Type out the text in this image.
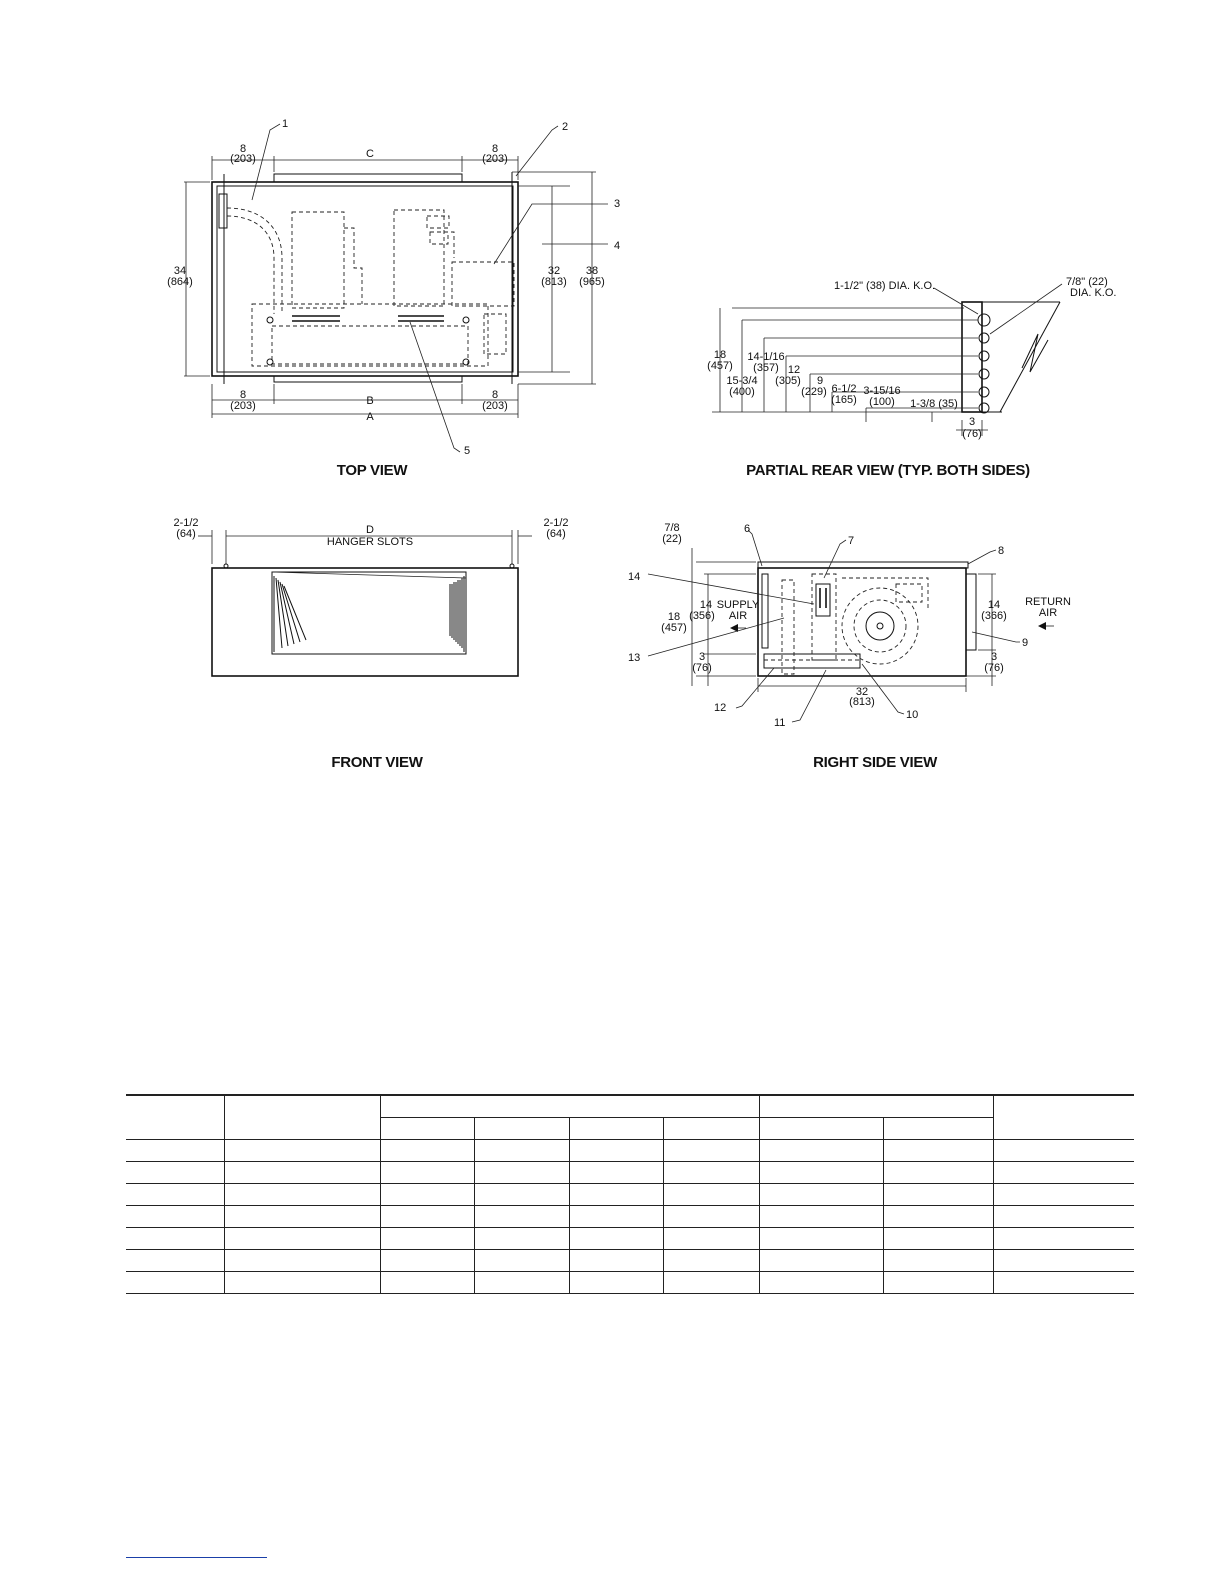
8
(203)	C	8
(203)
34
(864)
32
(813)
38
(965)
8
(203)	B	8
(203)
A
1	2
3
4
5
TOP VIEW
18
(457)
15-3/4
(400)
14-1/16
(357) 12
(305) 9
(229) 6-1/2
(165)
3-15/16
(100) 1-3/8 (35)
3
(76)
1-1/2" (38) DIA. K.O.	7/8" (22)
DIA. K.O.
PARTIAL REAR VIEW (TYP. BOTH SIDES)
2-1/2
(64)	D
HANGER SLOTS
2-1/2
(64)
FRONT VIEW
7/8
(22)
18
(457)
14
(356)
SUPPLY
AIR
3
(76)
14
(366)
3
(76)
RETURN
AIR
32
(813)
6
7
8
9
10
11
12
13
14
RIGHT SIDE VIEW
